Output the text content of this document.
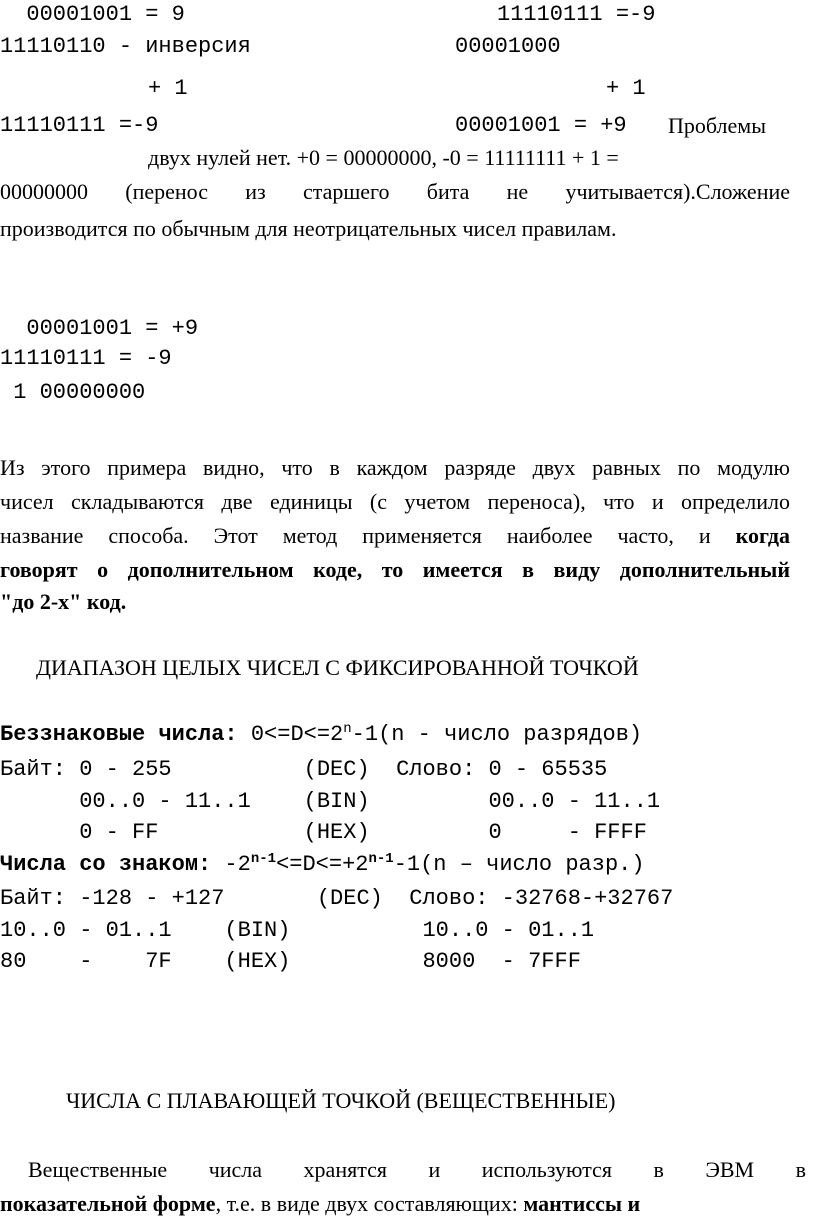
00001001 = 9	11110111 =-9
11110110 - инверсия	00001000
+ 1	+ 1
11110111 =-9	00001001 = +9 Проблемы
двух нулей нет. +0 = 00000000, -0 = 11111111 + 1 =
00000000 (перенос из старшего бита не учитывается).Сложение
производится по обычным для неотрицательных чисел правилам.
00001001 = +9
11110111 = -9
1 00000000
Из этого примера видно, что в каждом разряде двух равных по модулю
чисел складываются две единицы (с учетом переноса), что и определило
название способа. Этот метод применяется наиболее часто, и когда
говорят о дополнительном коде, то имеется в виду дополнительный
"до 2-х" код.
ДИАПАЗОН ЦЕЛЫХ ЧИСЕЛ С ФИКСИРОВАННОЙ ТОЧКОЙ
Беззнаковые числа: $0<=D<=2^n-1(n$ - число разрядов)
Байт: 0 - 255          (DEC)  Слово: 0 - 65535
00..0 - 11..1    (BIN)         00..0 - 11..1
0 - FF           (HEX)         0     - FFFF
Числа со знаком: $-2^{n-1}<=D<=+2^{n-1}-1(n$ – число разр.)
Байт: -128 - +127       (DEC)  Слово: -32768-+32767
10..0 - 01..1    (BIN)          10..0 - 01..1
80    -    7F    (HEX)          8000  - 7FFF
ЧИСЛА С ПЛАВАЮЩЕЙ ТОЧКОЙ (ВЕЩЕСТВЕННЫЕ)
Вещественные числа хранятся и используются в ЭВМ в
показательной форме, т.е. в виде двух составляющих: мантиссы и
